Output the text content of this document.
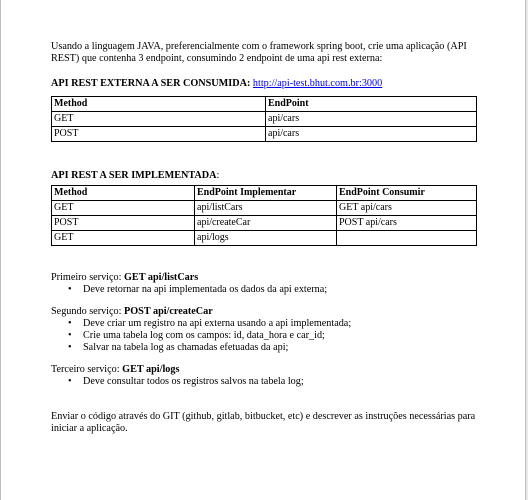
Usando a linguagem JAVA, preferencialmente com o framework spring boot, crie uma aplicação (API REST) que contenha 3 endpoint, consumindo 2 endpoint de uma api rest externa:

API REST EXTERNA A SER CONSUMIDA: http://api-test.bhut.com.br:3000

Method	EndPoint
GET	api/cars
POST	api/cars

API REST A SER IMPLEMENTADA:

Method	EndPoint Implementar	EndPoint Consumir
GET	api/listCars	GET api/cars
POST	api/createCar	POST api/cars
GET	api/logs	

Primeiro serviço: GET api/listCars

• Deve retornar na api implementada os dados da api externa;

Segundo serviço: POST api/createCar

• Deve criar um registro na api externa usando a api implementada;
• Crie uma tabela log com os campos: id, data_hora e car_id;
• Salvar na tabela log as chamadas efetuadas da api;

Terceiro serviço: GET api/logs

• Deve consultar todos os registros salvos na tabela log;

Enviar o código através do GIT (github, gitlab, bitbucket, etc) e descrever as instruções necessárias para iniciar a aplicação.
